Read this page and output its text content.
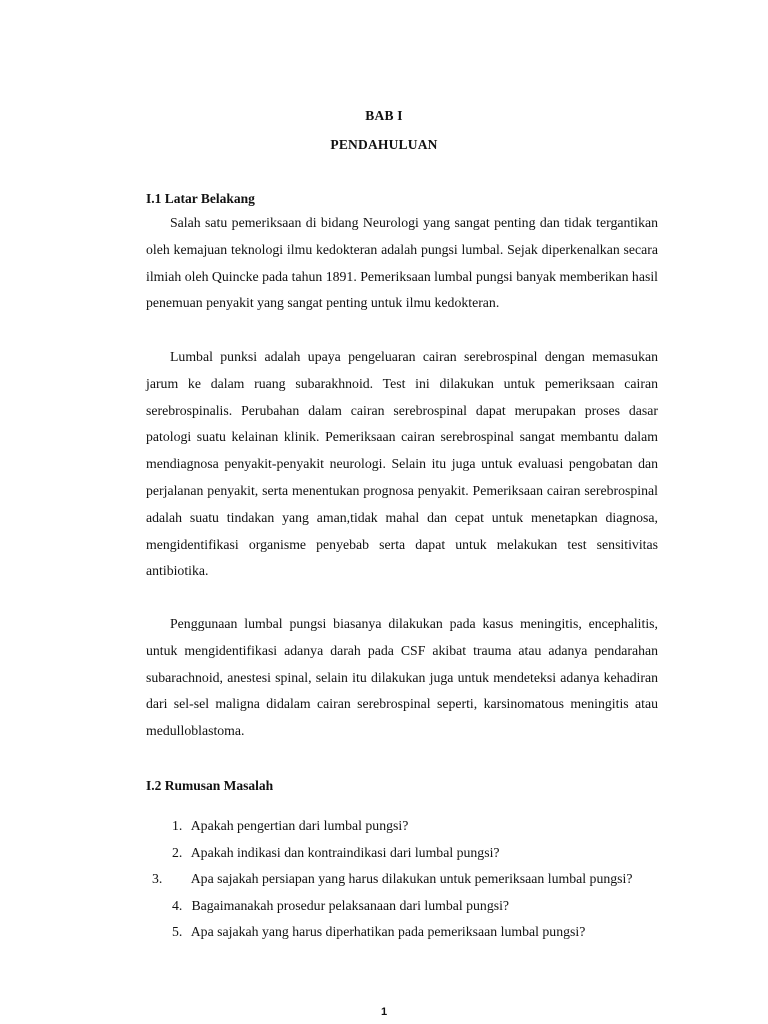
BAB I
PENDAHULUAN
I.1 Latar Belakang

Salah satu pemeriksaan di bidang Neurologi yang sangat penting dan tidak tergantikan oleh kemajuan teknologi ilmu kedokteran adalah pungsi lumbal. Sejak diperkenalkan secara ilmiah oleh Quincke pada tahun 1891. Pemeriksaan lumbal pungsi banyak memberikan hasil penemuan penyakit yang sangat penting untuk ilmu kedokteran.

Lumbal punksi adalah upaya pengeluaran cairan serebrospinal dengan memasukan jarum ke dalam ruang subarakhnoid. Test ini dilakukan untuk pemeriksaan cairan serebrospinalis. Perubahan dalam cairan serebrospinal dapat merupakan proses dasar patologi suatu kelainan klinik. Pemeriksaan cairan serebrospinal sangat membantu dalam mendiagnosa penyakit-penyakit neurologi. Selain itu juga untuk evaluasi pengobatan dan perjalanan penyakit, serta menentukan prognosa penyakit. Pemeriksaan cairan serebrospinal adalah suatu tindakan yang aman,tidak mahal dan cepat untuk menetapkan diagnosa, mengidentifikasi organisme penyebab serta dapat untuk melakukan test sensitivitas antibiotika.

Penggunaan lumbal pungsi biasanya dilakukan pada kasus meningitis, encephalitis, untuk mengidentifikasi adanya darah pada CSF akibat trauma atau adanya pendarahan subarachnoid, anestesi spinal, selain itu dilakukan juga untuk mendeteksi adanya kehadiran dari sel-sel maligna didalam cairan serebrospinal seperti, karsinomatous meningitis atau medulloblastoma.

I.2 Rumusan Masalah
1. Apakah pengertian dari lumbal pungsi?
2. Apakah indikasi dan kontraindikasi dari lumbal pungsi?
3. Apa sajakah persiapan yang harus dilakukan untuk pemeriksaan lumbal pungsi?
4. Bagaimanakah prosedur pelaksanaan dari lumbal pungsi?
5. Apa sajakah yang harus diperhatikan pada pemeriksaan lumbal pungsi?
1
